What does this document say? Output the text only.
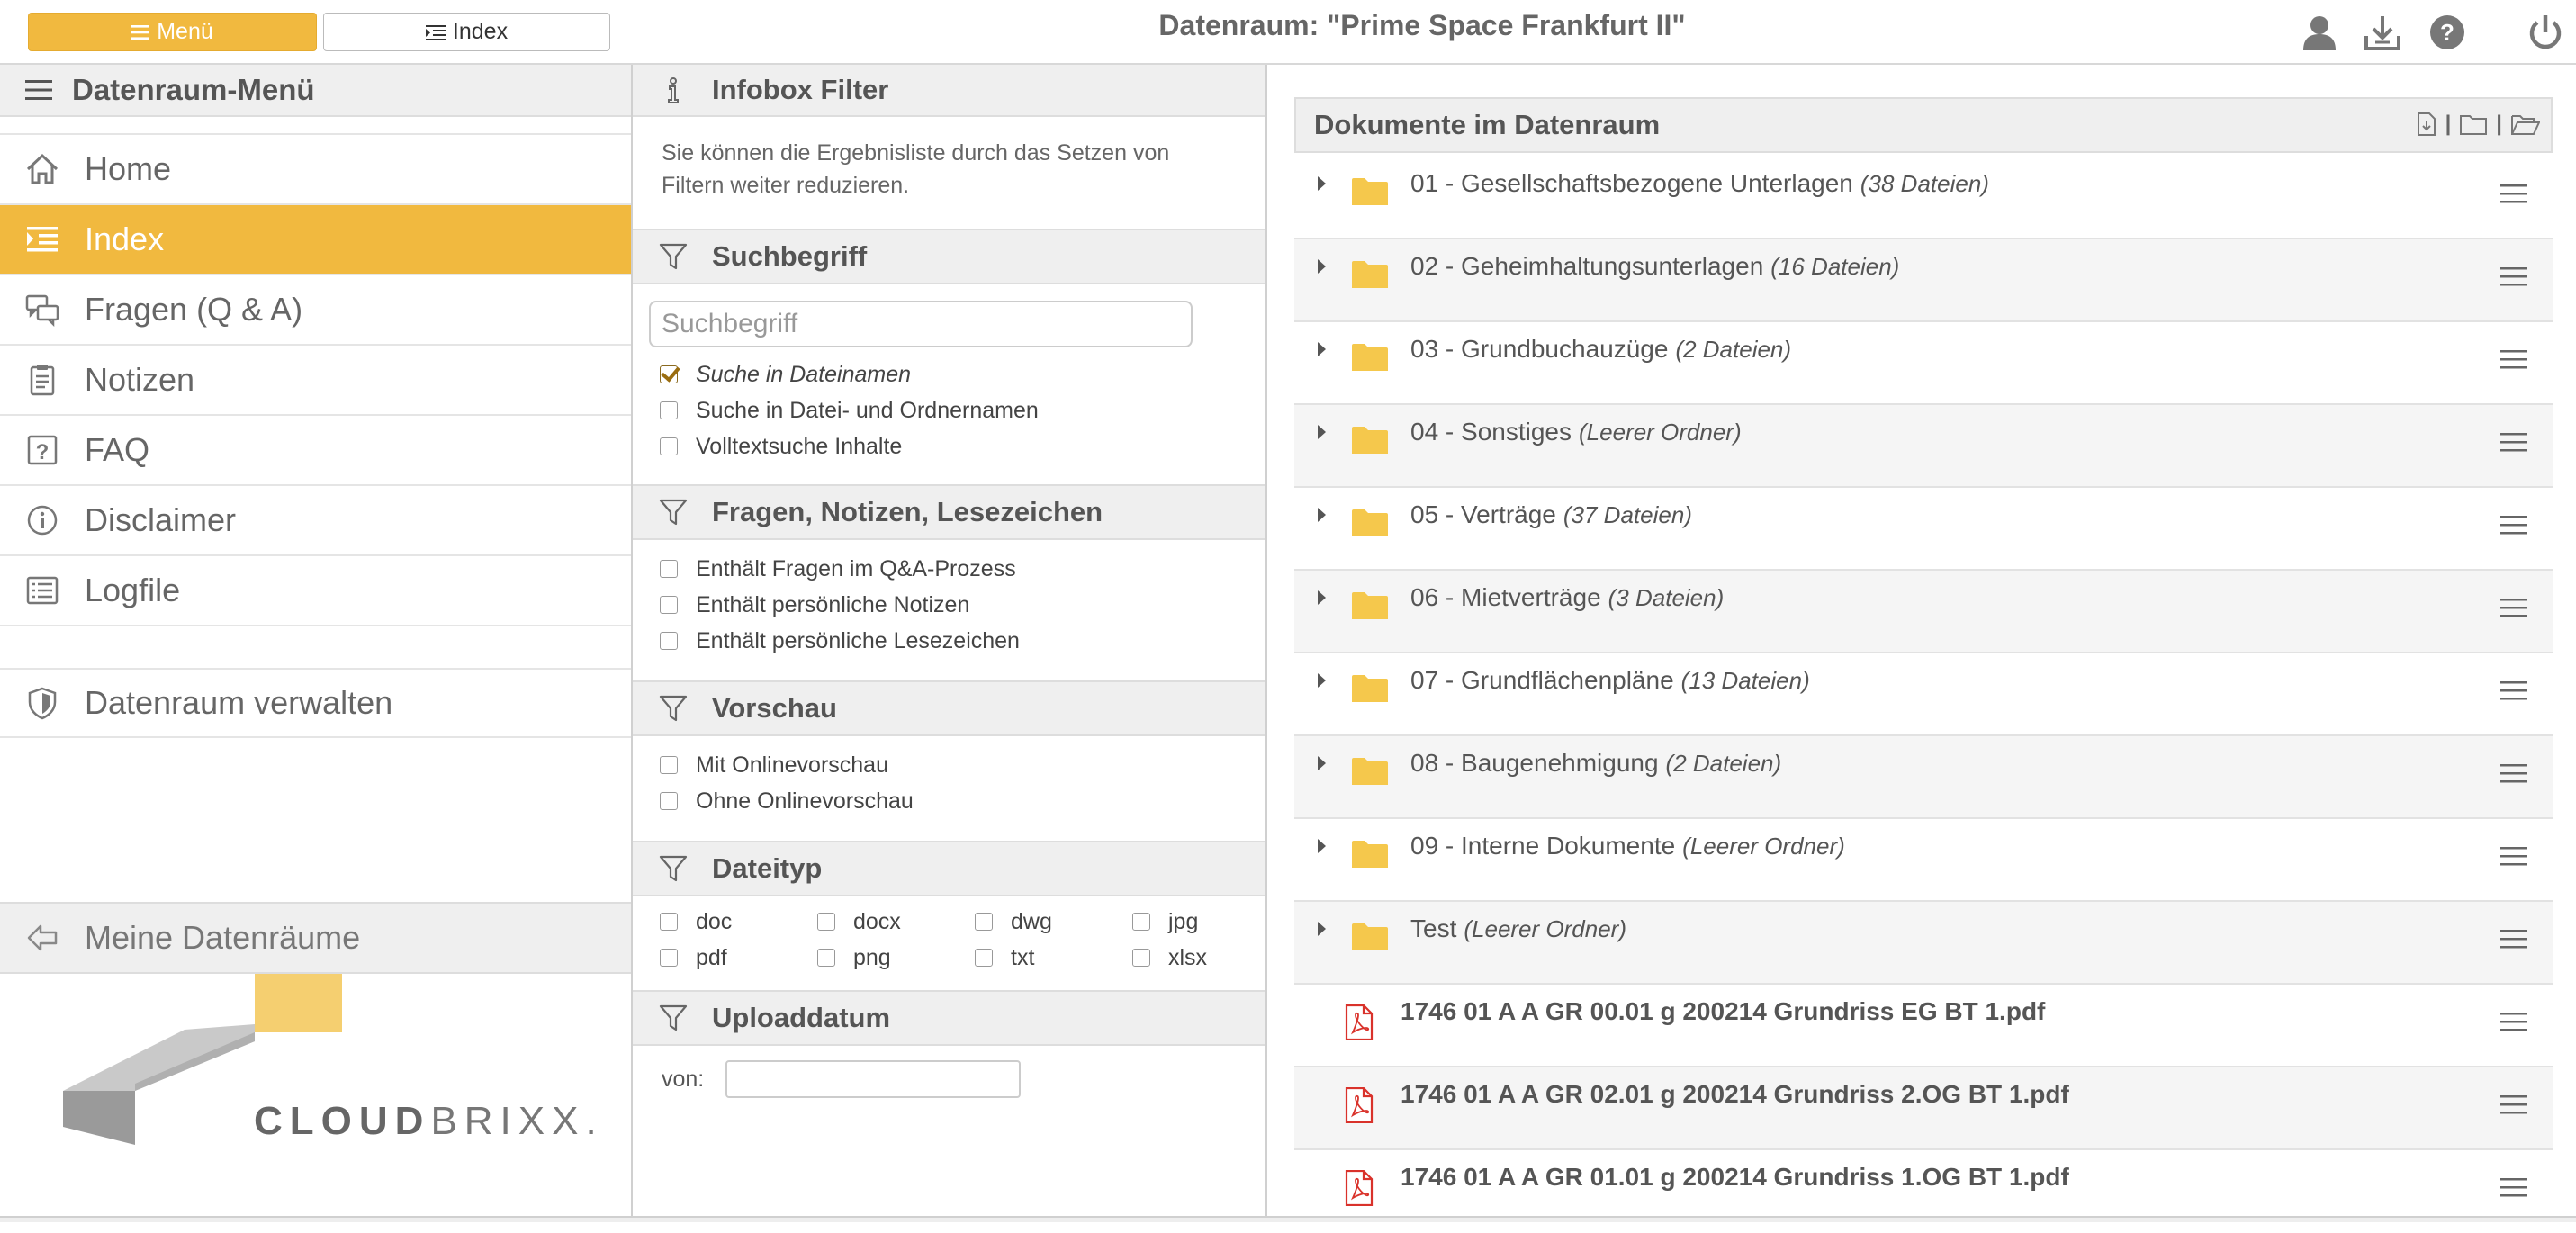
Menü	Index	Datenraum: "Prime Space Frankfurt II"	?
Datenraum-Menü
Home
Index
Fragen (Q & A)
Notizen
? FAQ
Disclaimer
Logfile
Datenraum verwalten
Meine Datenräume
CLOUDBRIXX.
Infobox Filter
Sie können die Ergebnisliste durch das Setzen von Filtern weiter reduzieren.
Suchbegriff
Suchbegriff
Suche in Dateinamen
Suche in Datei- und Ordnernamen
Volltextsuche Inhalte
Fragen, Notizen, Lesezeichen
Enthält Fragen im Q&A-Prozess
Enthält persönliche Notizen
Enthält persönliche Lesezeichen
Vorschau
Mit Onlinevorschau
Ohne Onlinevorschau
Dateityp
doc	docx	dwg	jpg
pdf	png	txt	xlsx
Uploaddatum
von:
Dokumente im Datenraum	| |
01 - Gesellschaftsbezogene Unterlagen (38 Dateien)
02 - Geheimhaltungsunterlagen (16 Dateien)
03 - Grundbuchauzüge (2 Dateien)
04 - Sonstiges (Leerer Ordner)
05 - Verträge (37 Dateien)
06 - Mietverträge (3 Dateien)
07 - Grundflächenpläne (13 Dateien)
08 - Baugenehmigung (2 Dateien)
09 - Interne Dokumente (Leerer Ordner)
Test (Leerer Ordner)
1746 01 A A GR 00.01 g 200214 Grundriss EG BT 1.pdf
1746 01 A A GR 02.01 g 200214 Grundriss 2.OG BT 1.pdf
1746 01 A A GR 01.01 g 200214 Grundriss 1.OG BT 1.pdf
